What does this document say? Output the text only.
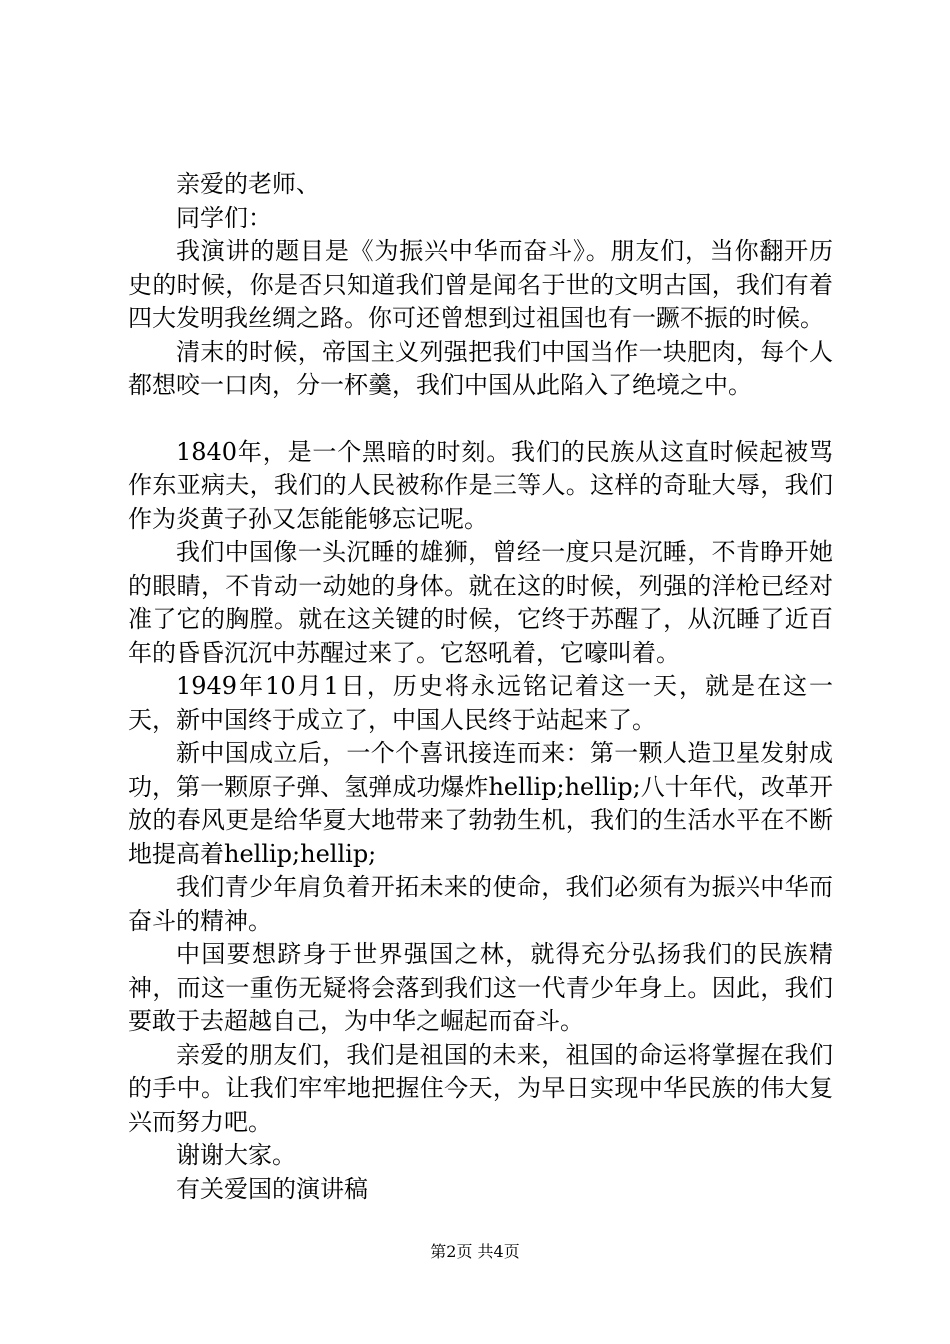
亲爱的老师、

同学们：

我演讲的题目是《为振兴中华而奋斗》。朋友们，当你翻开历史的时候，你是否只知道我们曾是闻名于世的文明古国，我们有着四大发明我丝绸之路。你可还曾想到过祖国也有一蹶不振的时候。

清末的时候，帝国主义列强把我们中国当作一块肥肉，每个人都想咬一口肉，分一杯羹，我们中国从此陷入了绝境之中。

1840年，是一个黑暗的时刻。我们的民族从这直时候起被骂作东亚病夫，我们的人民被称作是三等人。这样的奇耻大辱，我们作为炎黄子孙又怎能能够忘记呢。

我们中国像一头沉睡的雄狮，曾经一度只是沉睡，不肯睁开她的眼睛，不肯动一动她的身体。就在这的时候，列强的洋枪已经对准了它的胸膛。就在这关键的时候，它终于苏醒了，从沉睡了近百年的昏昏沉沉中苏醒过来了。它怒吼着，它嚎叫着。

1949年10月1日，历史将永远铭记着这一天，就是在这一天，新中国终于成立了，中国人民终于站起来了。

新中国成立后，一个个喜讯接连而来：第一颗人造卫星发射成功，第一颗原子弹、氢弹成功爆炸hellip;hellip;八十年代，改革开放的春风更是给华夏大地带来了勃勃生机，我们的生活水平在不断地提高着hellip;hellip;

我们青少年肩负着开拓未来的使命，我们必须有为振兴中华而奋斗的精神。

中国要想跻身于世界强国之林，就得充分弘扬我们的民族精神，而这一重伤无疑将会落到我们这一代青少年身上。因此，我们要敢于去超越自己，为中华之崛起而奋斗。

亲爱的朋友们，我们是祖国的未来，祖国的命运将掌握在我们的手中。让我们牢牢地把握住今天，为早日实现中华民族的伟大复兴而努力吧。

谢谢大家。

有关爱国的演讲稿

第2页 共4页
